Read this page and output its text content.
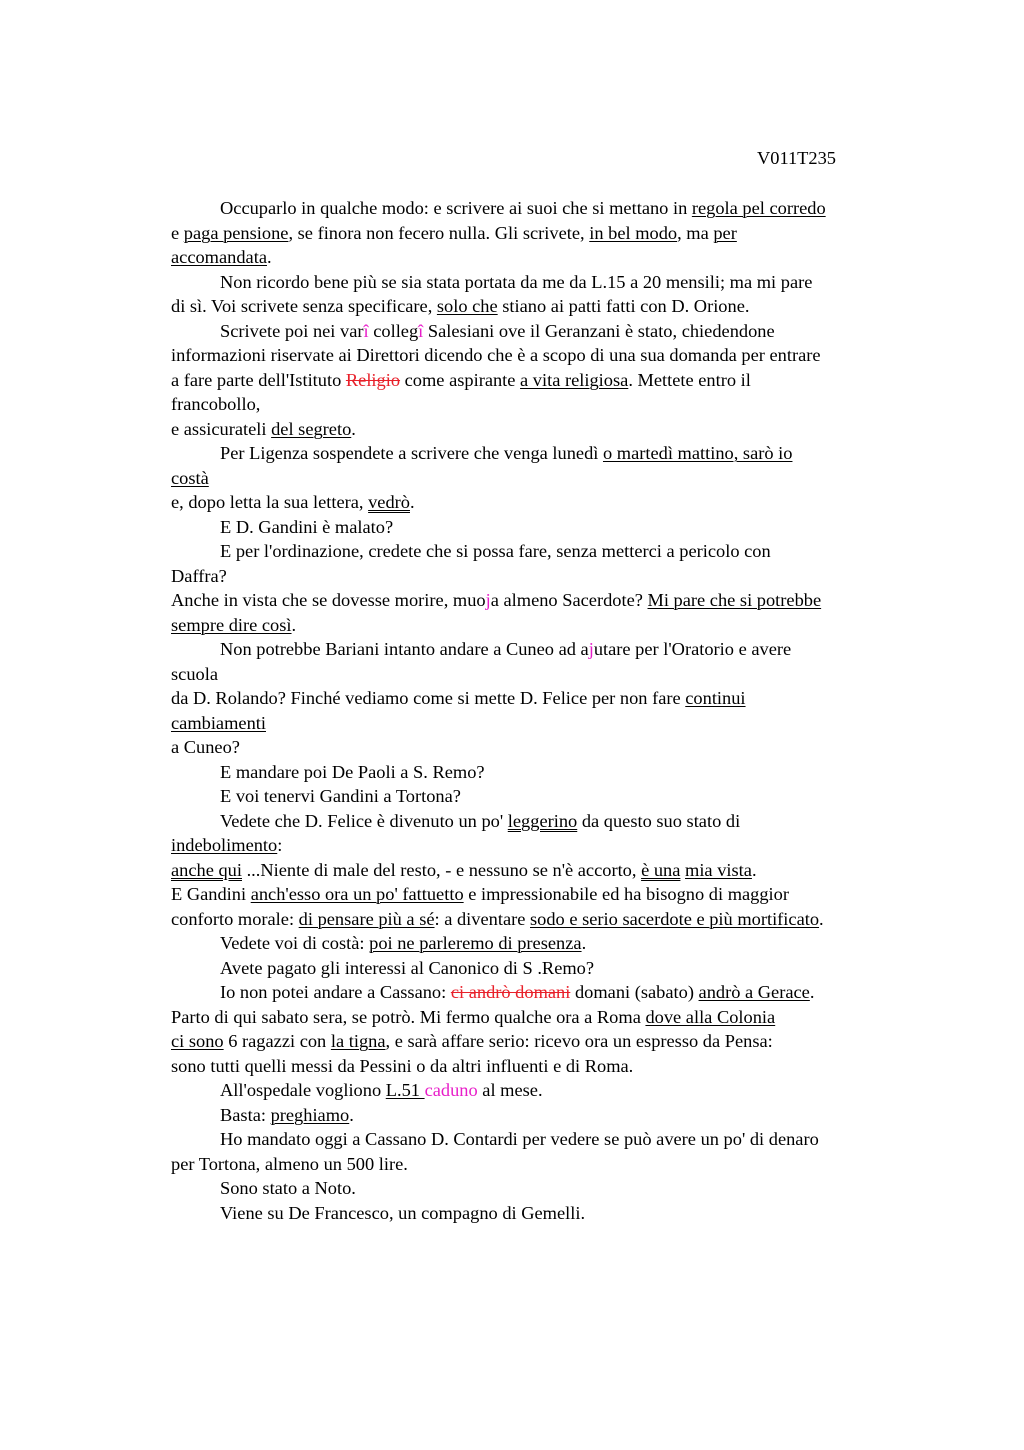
V011T235
Occuparlo in qualche modo: e scrivere ai suoi che si mettano in regola pel corredo
e paga pensione, se finora non fecero nulla. Gli scrivete, in bel modo, ma per
accomandata.
Non ricordo bene più se sia stata portata da me da L.15 a 20 mensili; ma mi pare
di sì. Voi scrivete senza specificare, solo che stiano ai patti fatti con D. Orione.
Scrivete poi nei varî collegî Salesiani ove il Geranzani è stato, chiedendone
informazioni riservate ai Direttori dicendo che è a scopo di una sua domanda per entrare
a fare parte dell'Istituto Religio come aspirante a vita religiosa. Mettete entro il
francobollo,
e assicurateli del segreto.
Per Ligenza sospendete a scrivere che venga lunedì o martedì mattino, sarò io
costà
e, dopo letta la sua lettera, vedrò.
E D. Gandini è malato?
E per l'ordinazione, credete che si possa fare, senza metterci a pericolo con
Daffra?
Anche in vista che se dovesse morire, muoja almeno Sacerdote? Mi pare che si potrebbe
sempre dire così.
Non potrebbe Bariani intanto andare a Cuneo ad ajutare per l'Oratorio e avere
scuola
da D. Rolando? Finché vediamo come si mette D. Felice per non fare continui
cambiamenti
a Cuneo?
E mandare poi De Paoli a S. Remo?
E voi tenervi Gandini a Tortona?
Vedete che D. Felice è divenuto un po' leggerino da questo suo stato di
indebolimento:
anche qui ...Niente di male del resto, - e nessuno se n'è accorto, è una mia vista.
E Gandini anch'esso ora un po' fattuetto e impressionabile ed ha bisogno di maggior
conforto morale: di pensare più a sé: a diventare sodo e serio sacerdote e più mortificato.
Vedete voi di costà: poi ne parleremo di presenza.
Avete pagato gli interessi al Canonico di S .Remo?
Io non potei andare a Cassano: ci andrò domani domani (sabato) andrò a Gerace.
Parto di qui sabato sera, se potrò. Mi fermo qualche ora a Roma dove alla Colonia
ci sono 6 ragazzi con la tigna, e sarà affare serio: ricevo ora un espresso da Pensa:
sono tutti quelli messi da Pessini o da altri influenti e di Roma.
All'ospedale vogliono L.51 caduno al mese.
Basta: preghiamo.
Ho mandato oggi a Cassano D. Contardi per vedere se può avere un po' di denaro
per Tortona, almeno un 500 lire.
Sono stato a Noto.
Viene su De Francesco, un compagno di Gemelli.
